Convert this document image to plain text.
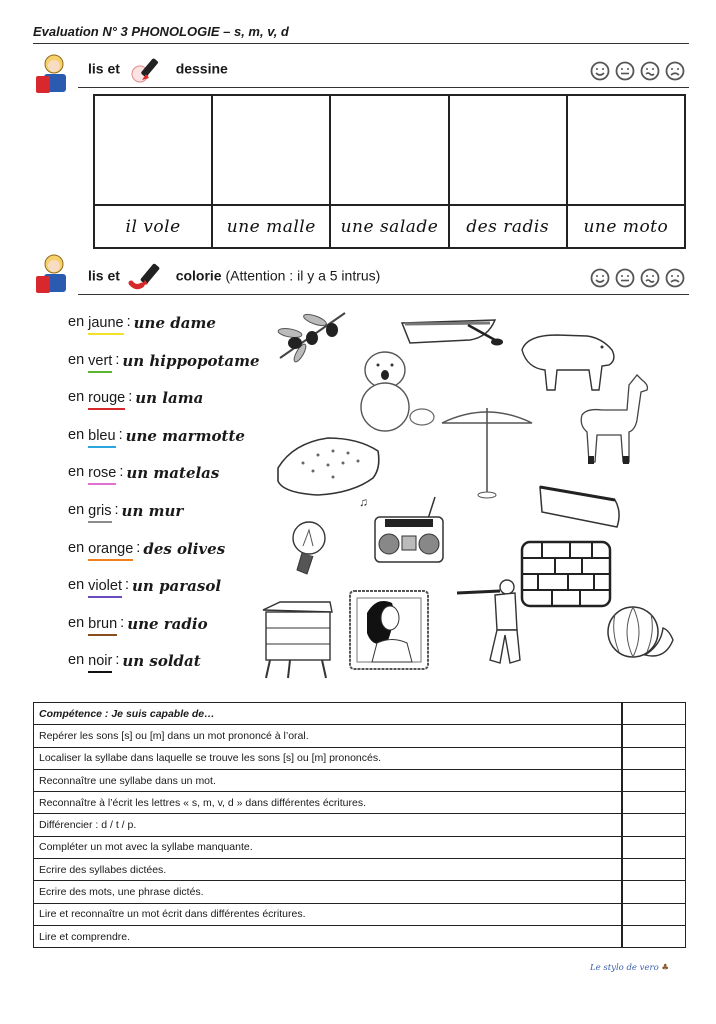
Evaluation N° 3 PHONOLOGIE – s, m, v, d
lis et	dessine

il vole	une malle	une salade	des radis	une moto
lis et	colorie (Attention : il y a 5 intrus)
en jaune : une dame
en vert : un hippopotame
en rouge : un lama
en bleu : une marmotte
en rose : un matelas
en gris : un mur
en orange : des olives
en violet : un parasol
en brun : une radio
en noir : un soldat
♫
Compétence : Je suis capable de…	
Repérer les sons [s] ou [m] dans un mot prononcé à l’oral.	
Localiser la syllabe dans laquelle se trouve les sons [s] ou [m] prononcés.	
Reconnaître une syllabe dans un mot.	
Reconnaître à l’écrit les lettres « s, m, v, d » dans différentes écritures.	
Différencier : d / t / p.	
Compléter un mot avec la syllabe manquante.	
Ecrire des syllabes dictées.	
Ecrire des mots, une phrase dictés.	
Lire et reconnaître un mot écrit dans différentes écritures.	
Lire et comprendre.	
Le stylo de vero ♣
